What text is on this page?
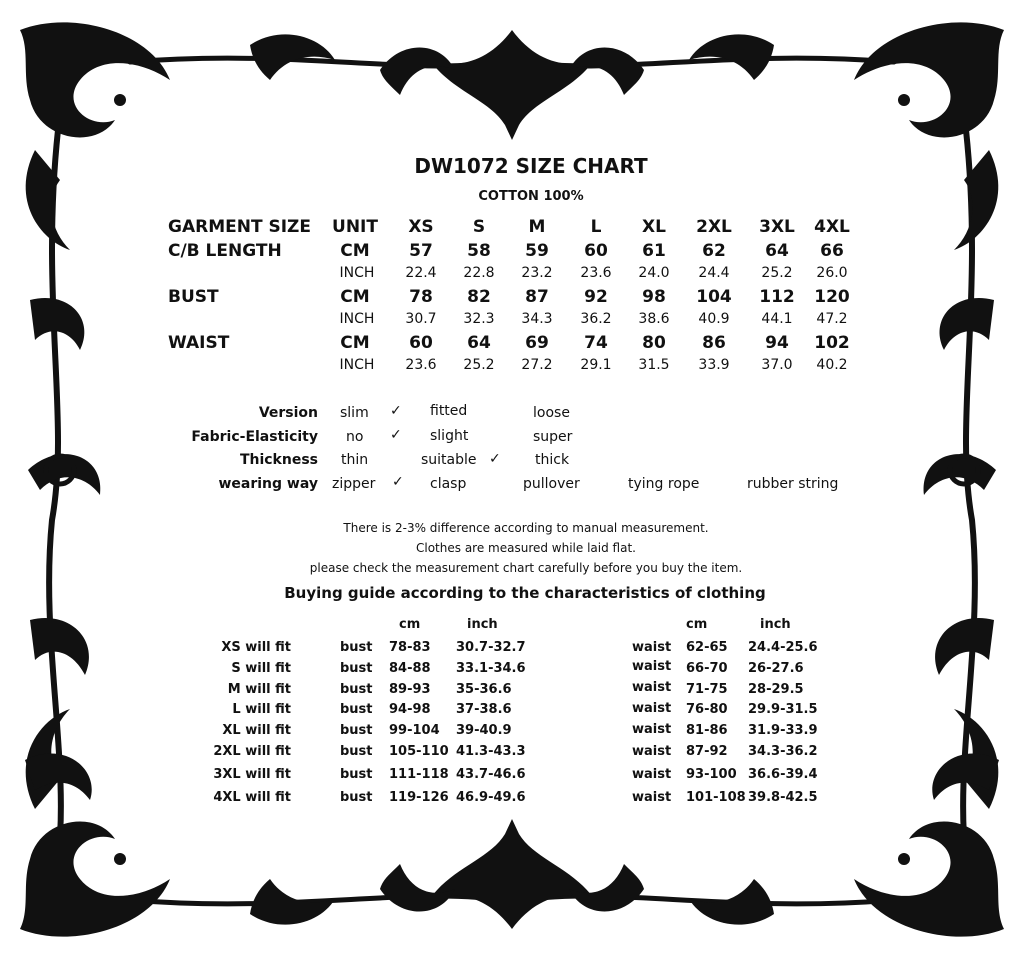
DW1072 SIZE CHART
COTTON 100%
GARMENT SIZE UNIT XS S	M	L XL 2XL 3XL 4XL
C/B LENGTH	CM 57 58 59 60 61 62 64 66
INCH 22.4 22.8 23.2 23.6 24.0 24.4 25.2 26.0
BUST	CM 78 82 87 92 98 104 112 120
INCH 30.7 32.3 34.3 36.2 38.6 40.9 44.1 47.2
WAIST	CM 60 64 69 74 80 86 94 102
INCH 23.6 25.2 27.2 29.1 31.5 33.9 37.0 40.2
Version slim ✓ fitted	loose
Fabric-Elasticity no ✓ slight	super
Thickness thin	suitable ✓ thick
wearing way zipper ✓ clasp	pullover	tying rope	rubber string
There is 2-3% difference according to manual measurement.
Clothes are measured while laid flat.
please check the measurement chart carefully before you buy the item.
Buying guide according to the characteristics of clothing
cm	inch	cm	inch
XS will fit	bust 78-83 30.7-32.7	waist 62-65 24.4-25.6
S will fit	bust 84-88 33.1-34.6	waist 66-70 26-27.6
M will fit	bust 89-93 35-36.6	waist 71-75 28-29.5
L will fit	bust 94-98 37-38.6	waist 76-80 29.9-31.5
XL will fit	bust 99-104 39-40.9	waist 81-86 31.9-33.9
2XL will fit	bust 105-110 41.3-43.3	waist 87-92 34.3-36.2
3XL will fit	bust 111-118 43.7-46.6	waist 93-100 36.6-39.4
4XL will fit	bust 119-126 46.9-49.6	waist 101-108 39.8-42.5
